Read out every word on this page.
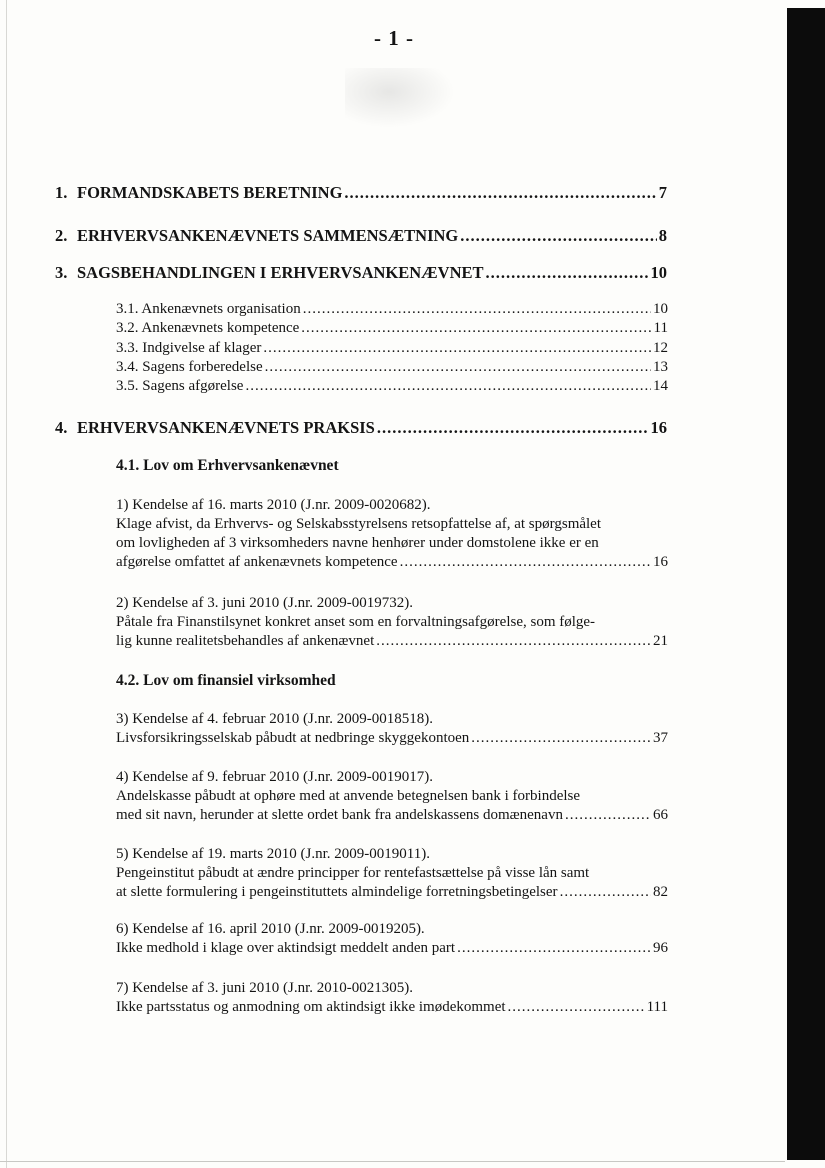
- 1 -
1. FORMANDSKABETS BERETNING .....	7
2. ERHVERVSANKENÆVNETS SAMMENSÆTNING .....	8
3. SAGSBEHANDLINGEN I ERHVERVSANKENÆVNET .....	10
3.1. Ankenævnets organisation .....	10
3.2. Ankenævnets kompetence .....	11
3.3. Indgivelse af klager .....	12
3.4. Sagens forberedelse .....	13
3.5. Sagens afgørelse .....	14
4. ERHVERVSANKENÆVNETS PRAKSIS .....	16
4.1. Lov om Erhvervsankenævnet
1) Kendelse af 16. marts 2010 (J.nr. 2009-0020682).
Klage afvist, da Erhvervs- og Selskabsstyrelsens retsopfattelse af, at spørgsmålet
om lovligheden af 3 virksomheders navne henhører under domstolene ikke er en
afgørelse omfattet af ankenævnets kompetence .....	16
2) Kendelse af 3. juni 2010 (J.nr. 2009-0019732).
Påtale fra Finanstilsynet konkret anset som en forvaltningsafgørelse, som følge-
lig kunne realitetsbehandles af ankenævnet .....	21
4.2. Lov om finansiel virksomhed
3) Kendelse af 4. februar 2010 (J.nr. 2009-0018518).
Livsforsikringsselskab påbudt at nedbringe skyggekontoen .....	37
4) Kendelse af 9. februar 2010 (J.nr. 2009-0019017).
Andelskasse påbudt at ophøre med at anvende betegnelsen bank i forbindelse
med sit navn, herunder at slette ordet bank fra andelskassens domænenavn .....	66
5) Kendelse af 19. marts 2010 (J.nr. 2009-0019011).
Pengeinstitut påbudt at ændre principper for rentefastsættelse på visse lån samt
at slette formulering i pengeinstituttets almindelige forretningsbetingelser .....	82
6) Kendelse af 16. april 2010 (J.nr. 2009-0019205).
Ikke medhold i klage over aktindsigt meddelt anden part .....	96
7) Kendelse af 3. juni 2010 (J.nr. 2010-0021305).
Ikke partsstatus og anmodning om aktindsigt ikke imødekommet .....	111
